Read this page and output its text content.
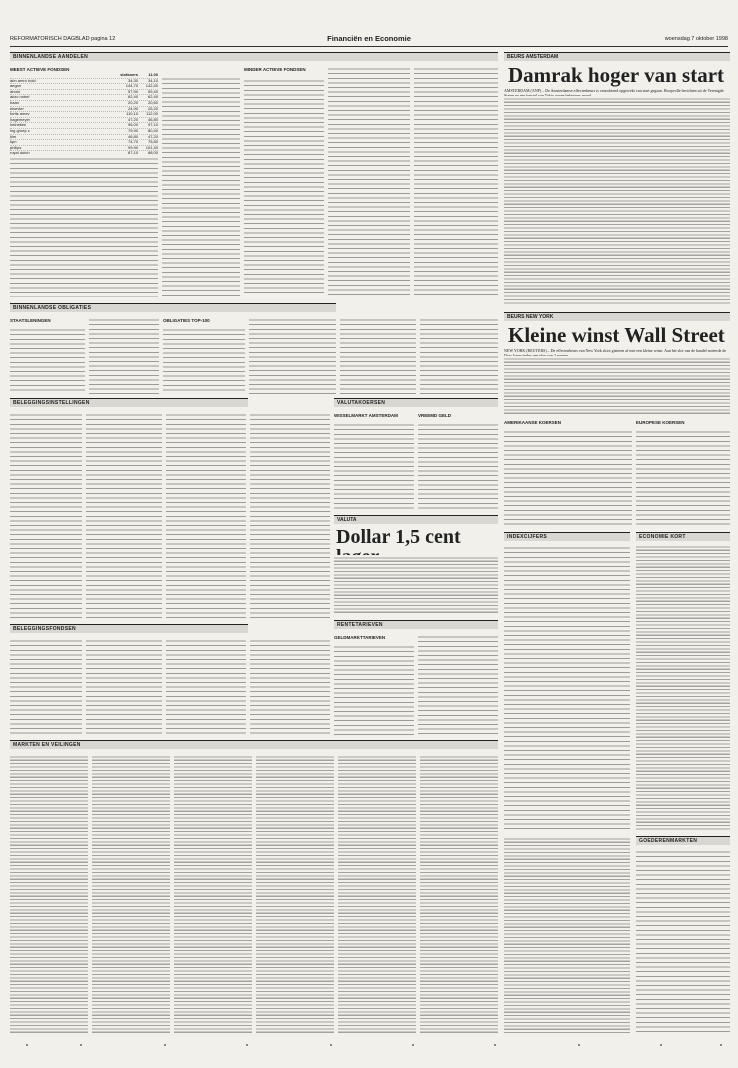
REFORMATORISCH DAGBLAD pagina 12	Financiën en Economie	woensdag 7 oktober 1998
BINNENLANDSE AANDELEN
MEEST ACTIEVE FONDSEN
slotkoers	11.00
abn amro hold	34,30	34,10
aegon	144,70	142,40
ahold	57,90	59,40
akzo nobel	62,40	62,40
baan	20,20	20,60
elsevier	24,90	25,20
fortis amev	110,10	112,00
hagemeyer	47,20	46,80
heineken	96,00	97,10
ing groep c	79,90	80,40
klm	46,80	47,20
kpn	74,70	75,80
philips	99,90	101,40
royal dutch	87,10	88,00
MINDER ACTIEVE FONDSEN
BINNENLANDSE OBLIGATIES
STAATSLENINGEN	OBLIGATIES TOP-100
BELEGGINGSINSTELLINGEN
BELEGGINGSFONDSEN
VALUTAKOERSEN
WISSELMARKT AMSTERDAM	VREEMD GELD
VALUTA
Dollar 1,5 cent
RENTETARIEVEN
GELDMARKTTARIEVEN
BEURS AMSTERDAM
Damrak hoger van start
AMSTERDAM (ANP) – De Amsterdamse effectenbeurs is vanochtend opgewekt van start gegaan. Hoopvolle berichten uit de Verenigde
BEURS NEW YORK
Kleine winst Wall Street
NEW YORK (REUTERS) – De effectenbeurs van New York sloot gisteren af met een kleine winst. Aan het slot van de handel noteerde de
AMERIKAANSE KOERSEN	EUROPESE KOERSEN
INDEXCIJFERS	ECONOMIE KORT
MARKTEN EN VEILINGEN
GOEDERENMARKTEN
